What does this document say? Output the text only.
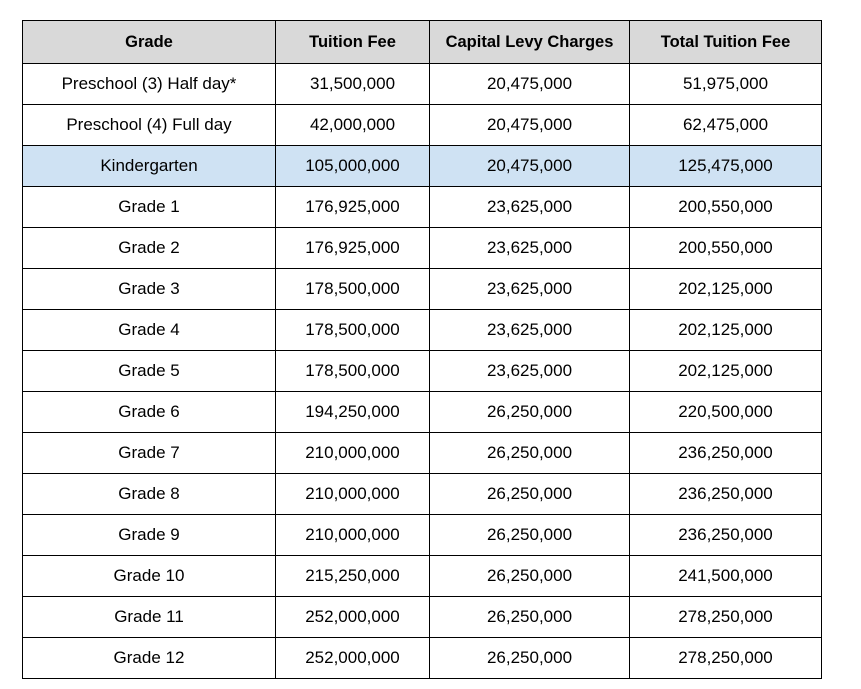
Grade	Tuition Fee	Capital Levy Charges	Total Tuition Fee
Preschool (3) Half day*	31,500,000	20,475,000	51,975,000
Preschool (4) Full day	42,000,000	20,475,000	62,475,000
Kindergarten	105,000,000	20,475,000	125,475,000
Grade 1	176,925,000	23,625,000	200,550,000
Grade 2	176,925,000	23,625,000	200,550,000
Grade 3	178,500,000	23,625,000	202,125,000
Grade 4	178,500,000	23,625,000	202,125,000
Grade 5	178,500,000	23,625,000	202,125,000
Grade 6	194,250,000	26,250,000	220,500,000
Grade 7	210,000,000	26,250,000	236,250,000
Grade 8	210,000,000	26,250,000	236,250,000
Grade 9	210,000,000	26,250,000	236,250,000
Grade 10	215,250,000	26,250,000	241,500,000
Grade 11	252,000,000	26,250,000	278,250,000
Grade 12	252,000,000	26,250,000	278,250,000
